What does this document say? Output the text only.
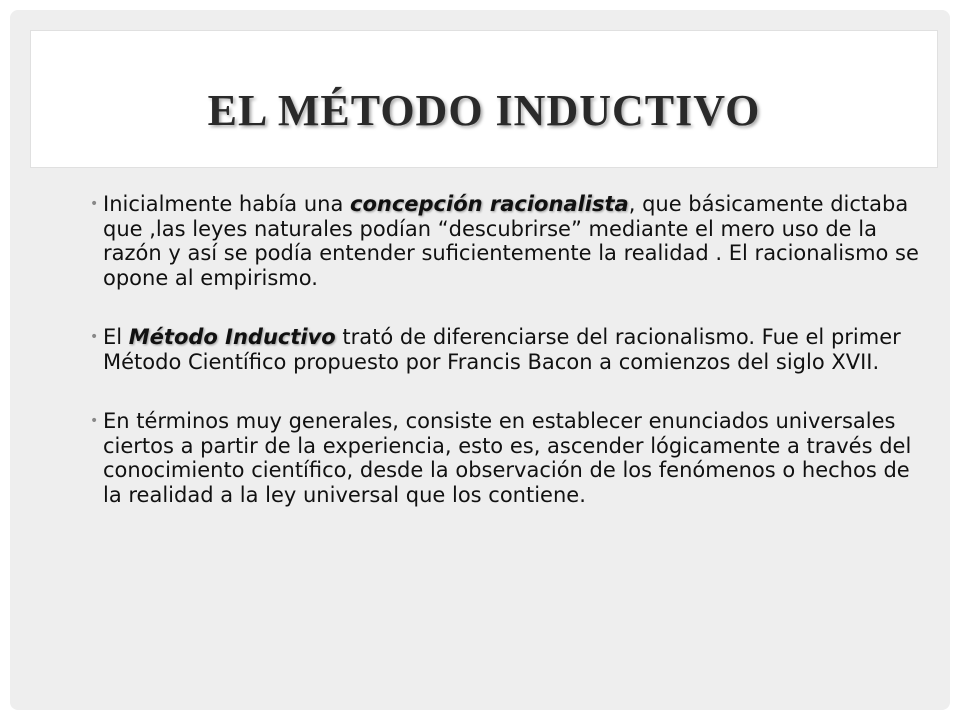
EL MÉTODO INDUCTIVO

• Inicialmente había una concepción racionalista, que básicamente dictaba que ,las leyes naturales podían “descubrirse” mediante el mero uso de la razón y así se podía entender suficientemente la realidad . El racionalismo se opone al empirismo.

• El Método Inductivo trató de diferenciarse del racionalismo. Fue el primer Método Científico propuesto por Francis Bacon a comienzos del siglo XVII.

• En términos muy generales, consiste en establecer enunciados universales ciertos a partir de la experiencia, esto es, ascender lógicamente a través del conocimiento científico, desde la observación de los fenómenos o hechos de la realidad a la ley universal que los contiene.
